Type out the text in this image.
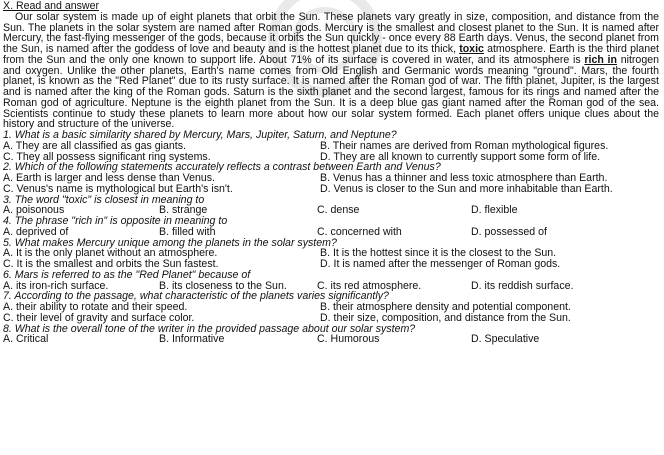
X. Read and answer

Our solar system is made up of eight planets that orbit the Sun. These planets vary greatly in size, composition, and distance from the Sun. The planets in the solar system are named after Roman gods. Mercury is the smallest and closest planet to the Sun. It is named after Mercury, the fast-flying messenger of the gods, because it orbits the Sun quickly - once every 88 Earth days. Venus, the second planet from the Sun, is named after the goddess of love and beauty and is the hottest planet due to its thick, toxic atmosphere. Earth is the third planet from the Sun and the only one known to support life. About 71% of its surface is covered in water, and its atmosphere is rich in nitrogen and oxygen. Unlike the other planets, Earth's name comes from Old English and Germanic words meaning "ground". Mars, the fourth planet, is known as the "Red Planet" due to its rusty surface. It is named after the Roman god of war. The fifth planet, Jupiter, is the largest and is named after the king of the Roman gods. Saturn is the sixth planet and the second largest, famous for its rings and named after the Roman god of agriculture. Neptune is the eighth planet from the Sun. It is a deep blue gas giant named after the Roman god of the sea. Scientists continue to study these planets to learn more about how our solar system formed. Each planet offers unique clues about the history and structure of the universe.

1. What is a basic similarity shared by Mercury, Mars, Jupiter, Saturn, and Neptune?
A. They are all classified as gas giants.	B. Their names are derived from Roman mythological figures.
C. They all possess significant ring systems.	D. They are all known to currently support some form of life.
2. Which of the following statements accurately reflects a contrast between Earth and Venus?
A. Earth is larger and less dense than Venus.	B. Venus has a thinner and less toxic atmosphere than Earth.
C. Venus's name is mythological but Earth's isn't.	D. Venus is closer to the Sun and more inhabitable than Earth.
3. The word "toxic" is closest in meaning to
A. poisonous	B. strange	C. dense	D. flexible
4. The phrase "rich in" is opposite in meaning to
A. deprived of	B. filled with	C. concerned with	D. possessed of
5. What makes Mercury unique among the planets in the solar system?
A. It is the only planet without an atmosphere.	B. It is the hottest since it is the closest to the Sun.
C. It is the smallest and orbits the Sun fastest.	D. It is named after the messenger of Roman gods.
6. Mars is referred to as the "Red Planet" because of
A. its iron-rich surface.	B. its closeness to the Sun.	C. its red atmosphere.	D. its reddish surface.
7. According to the passage, what characteristic of the planets varies significantly?
A. their ability to rotate and their speed.	B. their atmosphere density and potential component.
C. their level of gravity and surface color.	D. their size, composition, and distance from the Sun.
8. What is the overall tone of the writer in the provided passage about our solar system?
A. Critical	B. Informative	C. Humorous	D. Speculative
